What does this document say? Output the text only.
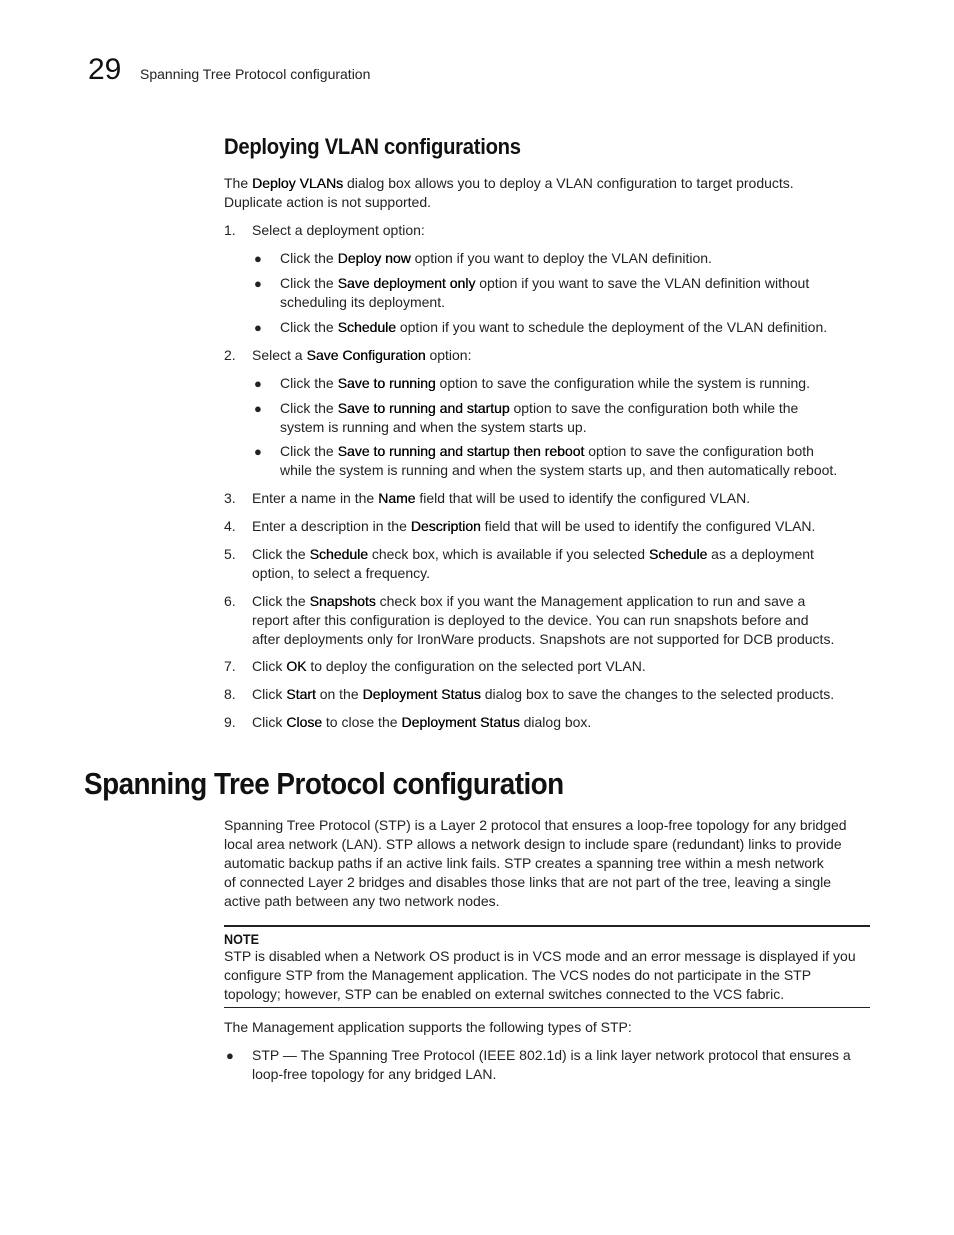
29 Spanning Tree Protocol configuration
Deploying VLAN configurations
The Deploy VLANs dialog box allows you to deploy a VLAN configuration to target products.
Duplicate action is not supported.
1.	Select a deployment option:
● Click the Deploy now option if you want to deploy the VLAN definition.
● Click the Save deployment only option if you want to save the VLAN definition without
scheduling its deployment.
● Click the Schedule option if you want to schedule the deployment of the VLAN definition.
2.	Select a Save Configuration option:
● Click the Save to running option to save the configuration while the system is running.
● Click the Save to running and startup option to save the configuration both while the
system is running and when the system starts up.
● Click the Save to running and startup then reboot option to save the configuration both
while the system is running and when the system starts up, and then automatically reboot.
3.	Enter a name in the Name field that will be used to identify the configured VLAN.
4.	Enter a description in the Description field that will be used to identify the configured VLAN.
5.	Click the Schedule check box, which is available if you selected Schedule as a deployment
option, to select a frequency.
6.	Click the Snapshots check box if you want the Management application to run and save a
report after this configuration is deployed to the device. You can run snapshots before and
after deployments only for IronWare products. Snapshots are not supported for DCB products.
7.	Click OK to deploy the configuration on the selected port VLAN.
8.	Click Start on the Deployment Status dialog box to save the changes to the selected products.
9.	Click Close to close the Deployment Status dialog box.
Spanning Tree Protocol configuration
Spanning Tree Protocol (STP) is a Layer 2 protocol that ensures a loop-free topology for any bridged
local area network (LAN). STP allows a network design to include spare (redundant) links to provide
automatic backup paths if an active link fails. STP creates a spanning tree within a mesh network
of connected Layer 2 bridges and disables those links that are not part of the tree, leaving a single
active path between any two network nodes.
NOTE
STP is disabled when a Network OS product is in VCS mode and an error message is displayed if you
configure STP from the Management application. The VCS nodes do not participate in the STP
topology; however, STP can be enabled on external switches connected to the VCS fabric.
The Management application supports the following types of STP:
● STP — The Spanning Tree Protocol (IEEE 802.1d) is a link layer network protocol that ensures a
loop-free topology for any bridged LAN.
